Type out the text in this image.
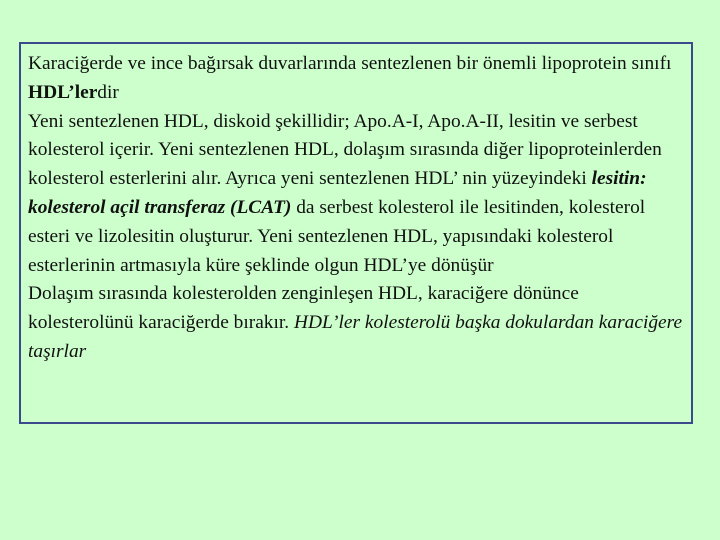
Karaciğerde ve ince bağırsak duvarlarında sentezlenen bir önemli lipoprotein sınıfı HDL’lerdir

Yeni sentezlenen HDL, diskoid şekillidir; Apo.A-I, Apo.A-II, lesitin ve serbest kolesterol içerir. Yeni sentezlenen HDL, dolaşım sırasında diğer lipoproteinlerden kolesterol esterlerini alır. Ayrıca yeni sentezlenen HDL’ nin yüzeyindeki lesitin: kolesterol açil transferaz (LCAT) da serbest kolesterol ile lesitinden, kolesterol esteri ve lizolesitin oluşturur. Yeni sentezlenen HDL, yapısındaki kolesterol esterlerinin artmasıyla küre şeklinde olgun HDL’ye dönüşür

Dolaşım sırasında kolesterolden zenginleşen HDL, karaciğere dönünce kolesterolünü karaciğerde bırakır. HDL’ler kolesterolü başka dokulardan karaciğere taşırlar
